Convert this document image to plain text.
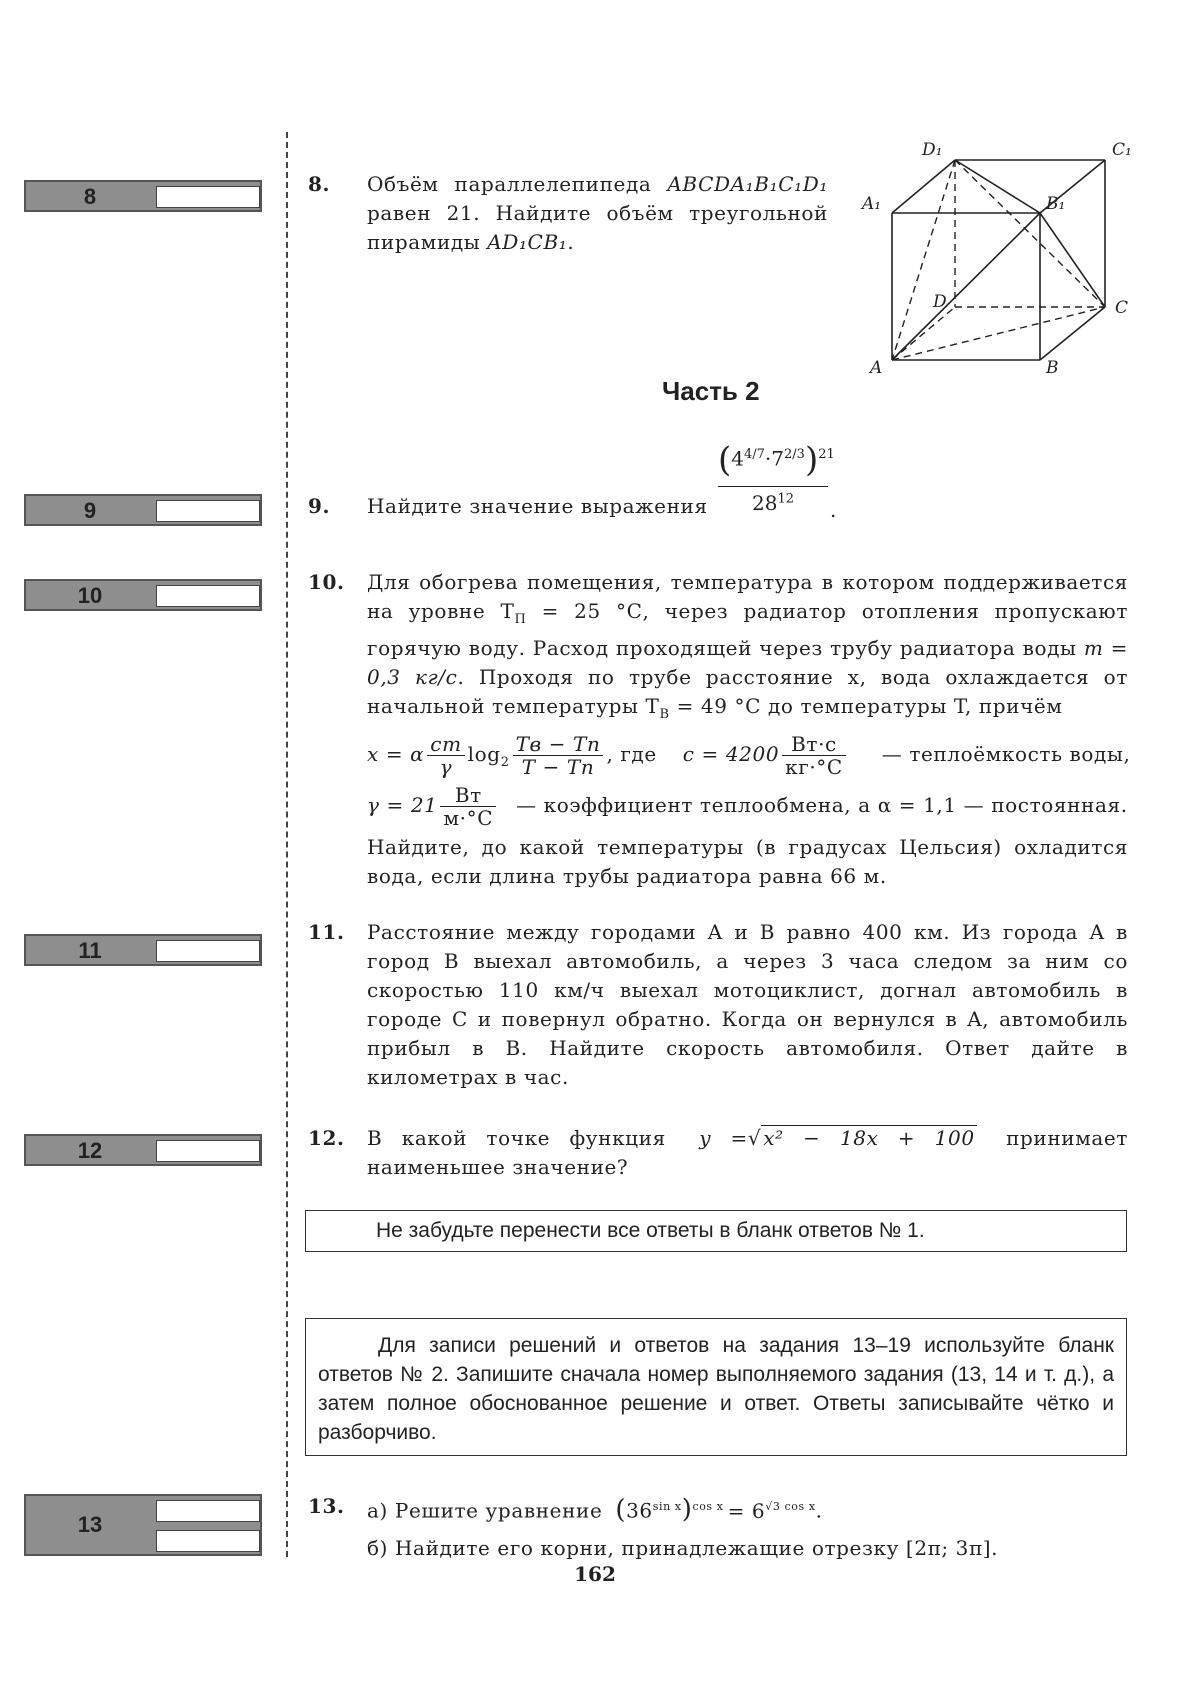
8
9
10
11
12
13
8. Объём параллелепипеда ABCDA₁B₁C₁D₁ равен 21. Найдите объём треугольной пирамиды AD₁CB₁.
A	B
C
D
A₁	B₁
C₁
D₁
Часть 2
9. Найдите значение выражения
$(4^{4/7}\cdot 7^{2/3})^{21}$
$28^{12}$	.
10. Для обогрева помещения, температура в котором поддерживается на уровне $T_П = 25$ °С, через радиатор отопления пропускают горячую воду. Расход проходящей через трубу радиатора воды m = 0,3 кг/с. Проходя по трубе расстояние x, вода охлаждается от начальной температуры $T_В = 49$ °С до температуры T, причём
x = α $\frac{cm}{\gamma} \log_2 \frac{Tв - Tп}{T - Tп}$ , где $c = 4200 \frac{Вт\cdot с}{кг\cdot^\circ С}$ — теплоёмкость воды,
$\gamma = 21 \frac{Вт}{м\cdot^\circ С}$ — коэффициент теплообмена, а α = 1,1 — постоянная.
Найдите, до какой температуры (в градусах Цельсия) охладится вода, если длина трубы радиатора равна 66 м.
11. Расстояние между городами A и B равно 400 км. Из города A в город B выехал автомобиль, а через 3 часа следом за ним со скоростью 110 км/ч выехал мотоциклист, догнал автомобиль в городе C и повернул обратно. Когда он вернулся в A, автомобиль прибыл в B. Найдите скорость автомобиля. Ответ дайте в километрах в час.
12. В какой точке функция y =√ x² − 18x + 100 принимает наименьшее значение?
Не забудьте перенести все ответы в бланк ответов № 1.
Для записи решений и ответов на задания 13–19 используйте бланк ответов № 2. Запишите сначала номер выполняемого задания (13, 14 и т. д.), а затем полное обоснованное решение и ответ. Ответы записывайте чётко и разборчиво.
13. а) Решите уравнение $(36^{sin x})^{cos x} = 6^{√3 cos x}$.
б) Найдите его корни, принадлежащие отрезку [2π; 3π].
162
